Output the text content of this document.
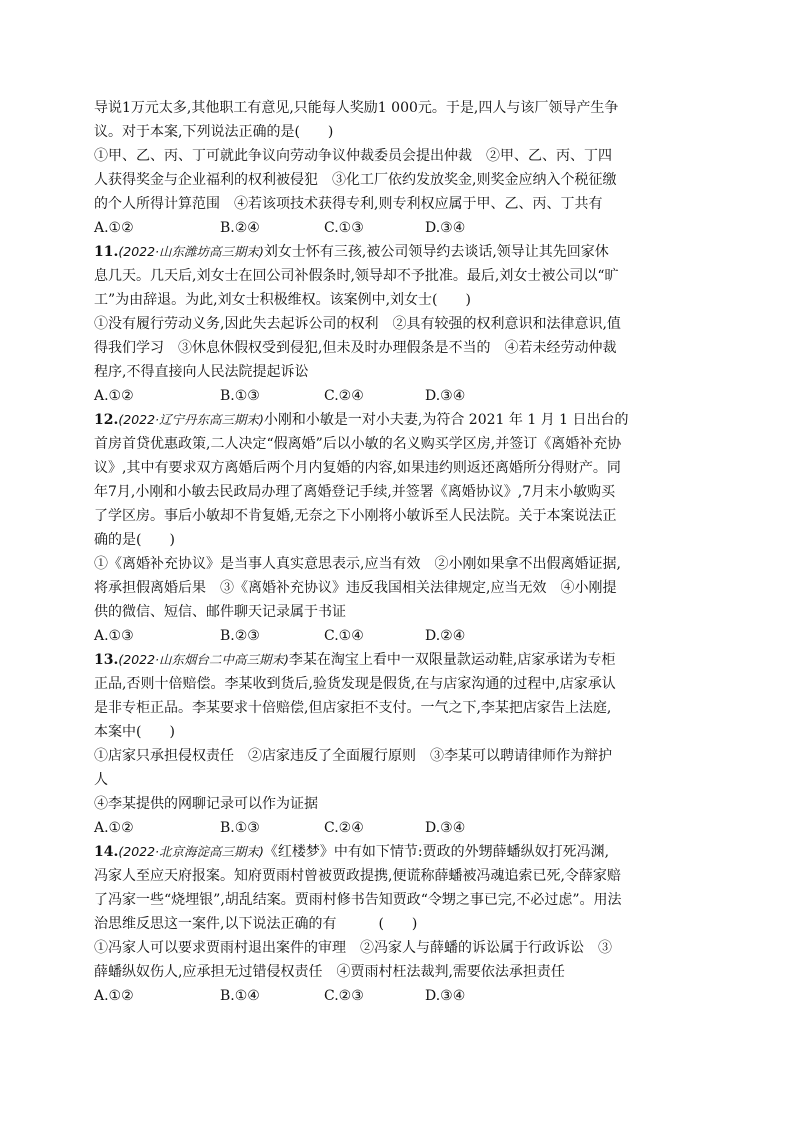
导说1万元太多,其他职工有意见,只能每人奖励1 000元。于是,四人与该厂领导产生争
议。对于本案,下列说法正确的是(　　)
①甲、乙、丙、丁可就此争议向劳动争议仲裁委员会提出仲裁　②甲、乙、丙、丁四
人获得奖金与企业福利的权利被侵犯　③化工厂依约发放奖金,则奖金应纳入个税征缴
的个人所得计算范围　④若该项技术获得专利,则专利权应属于甲、乙、丙、丁共有
A.①②	B.②④	C.①③	D.③④
11.(2022·山东潍坊高三期末)刘女士怀有三孩,被公司领导约去谈话,领导让其先回家休
息几天。几天后,刘女士在回公司补假条时,领导却不予批准。最后,刘女士被公司以“旷
工”为由辞退。为此,刘女士积极维权。该案例中,刘女士(　　)
①没有履行劳动义务,因此失去起诉公司的权利　②具有较强的权利意识和法律意识,值
得我们学习　③休息休假权受到侵犯,但未及时办理假条是不当的　④若未经劳动仲裁
程序,不得直接向人民法院提起诉讼
A.①②	B.①③	C.②④	D.③④
12.(2022·辽宁丹东高三期末)小刚和小敏是一对小夫妻,为符合 2021 年 1 月 1 日出台的
首房首贷优惠政策,二人决定“假离婚”后以小敏的名义购买学区房,并签订《离婚补充协
议》,其中有要求双方离婚后两个月内复婚的内容,如果违约则返还离婚所分得财产。同
年7月,小刚和小敏去民政局办理了离婚登记手续,并签署《离婚协议》,7月末小敏购买
了学区房。事后小敏却不肯复婚,无奈之下小刚将小敏诉至人民法院。关于本案说法正
确的是(　　)
①《离婚补充协议》是当事人真实意思表示,应当有效　②小刚如果拿不出假离婚证据,
将承担假离婚后果　③《离婚补充协议》违反我国相关法律规定,应当无效　④小刚提
供的微信、短信、邮件聊天记录属于书证
A.①③	B.②③	C.①④	D.②④
13.(2022·山东烟台二中高三期末)李某在淘宝上看中一双限量款运动鞋,店家承诺为专柜
正品,否则十倍赔偿。李某收到货后,验货发现是假货,在与店家沟通的过程中,店家承认
是非专柜正品。李某要求十倍赔偿,但店家拒不支付。一气之下,李某把店家告上法庭,
本案中(　　)
①店家只承担侵权责任　②店家违反了全面履行原则　③李某可以聘请律师作为辩护
人
④李某提供的网聊记录可以作为证据
A.①②	B.①③	C.②④	D.③④
14.(2022·北京海淀高三期末)《红楼梦》中有如下情节:贾政的外甥薛蟠纵奴打死冯渊,
冯家人至应天府报案。知府贾雨村曾被贾政提携,便谎称薛蟠被冯魂追索已死,令薛家赔
了冯家一些“烧埋银”,胡乱结案。贾雨村修书告知贾政“令甥之事已完,不必过虑”。用法
治思维反思这一案件,以下说法正确的有　　　(　　)
①冯家人可以要求贾雨村退出案件的审理　②冯家人与薛蟠的诉讼属于行政诉讼　③
薛蟠纵奴伤人,应承担无过错侵权责任　④贾雨村枉法裁判,需要依法承担责任
A.①②	B.①④	C.②③	D.③④
